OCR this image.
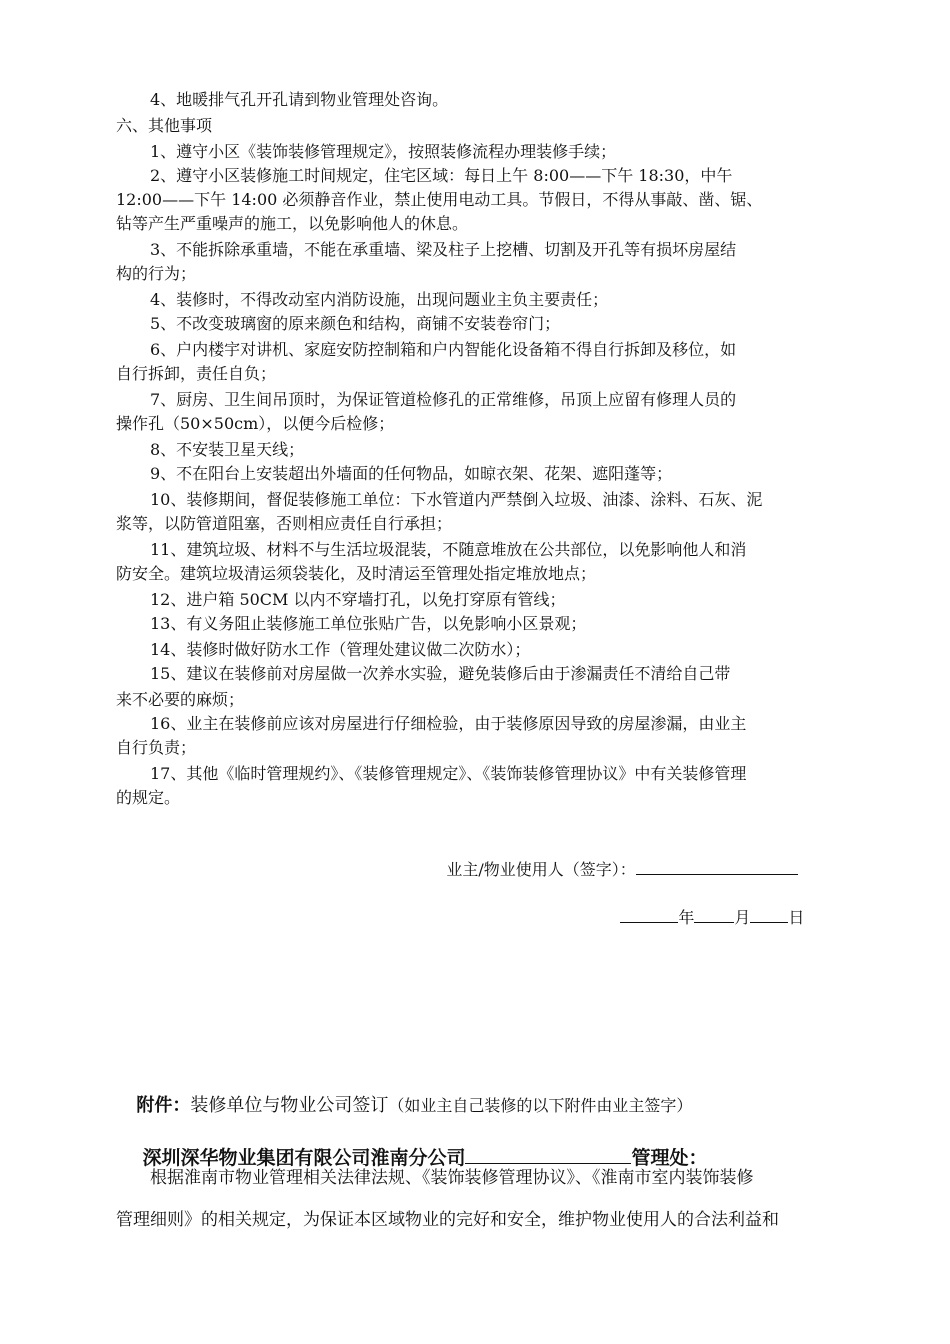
4、地暖排气孔开孔请到物业管理处咨询。
六、其他事项
1、遵守小区《装饰装修管理规定》，按照装修流程办理装修手续；
2、遵守小区装修施工时间规定，住宅区域：每日上午 8:00——下午 18:30，中午
12:00——下午 14:00 必须静音作业，禁止使用电动工具。节假日，不得从事敲、凿、锯、
钻等产生严重噪声的施工，以免影响他人的休息。
3、不能拆除承重墙，不能在承重墙、梁及柱子上挖槽、切割及开孔等有损坏房屋结
构的行为；
4、装修时，不得改动室内消防设施，出现问题业主负主要责任；
5、不改变玻璃窗的原来颜色和结构，商铺不安装卷帘门；
6、户内楼宇对讲机、家庭安防控制箱和户内智能化设备箱不得自行拆卸及移位，如
自行拆卸，责任自负；
7、厨房、卫生间吊顶时，为保证管道检修孔的正常维修，吊顶上应留有修理人员的
操作孔（50×50cm），以便今后检修；
8、不安装卫星天线；
9、不在阳台上安装超出外墙面的任何物品，如晾衣架、花架、遮阳蓬等；
10、装修期间，督促装修施工单位：下水管道内严禁倒入垃圾、油漆、涂料、石灰、泥
浆等，以防管道阻塞，否则相应责任自行承担；
11、建筑垃圾、材料不与生活垃圾混装，不随意堆放在公共部位，以免影响他人和消
防安全。建筑垃圾清运须袋装化，及时清运至管理处指定堆放地点；
12、进户箱 50CM 以内不穿墙打孔，以免打穿原有管线；
13、有义务阻止装修施工单位张贴广告，以免影响小区景观；
14、装修时做好防水工作（管理处建议做二次防水）；
15、建议在装修前对房屋做一次养水实验，避免装修后由于渗漏责任不清给自己带
来不必要的麻烦；
16、业主在装修前应该对房屋进行仔细检验，由于装修原因导致的房屋渗漏，由业主
自行负责；
17、其他《临时管理规约》、《装修管理规定》、《装饰装修管理协议》中有关装修管理
的规定。

业主/物业使用人（签字）：

年	月 日

附件：装修单位与物业公司签订（如业主自己装修的以下附件由业主签字）

深圳深华物业集团有限公司淮南分公司	管理处：

根据淮南市物业管理相关法律法规、《装饰装修管理协议》、《淮南市室内装饰装修
管理细则》的相关规定，为保证本区域物业的完好和安全，维护物业使用人的合法利益和
